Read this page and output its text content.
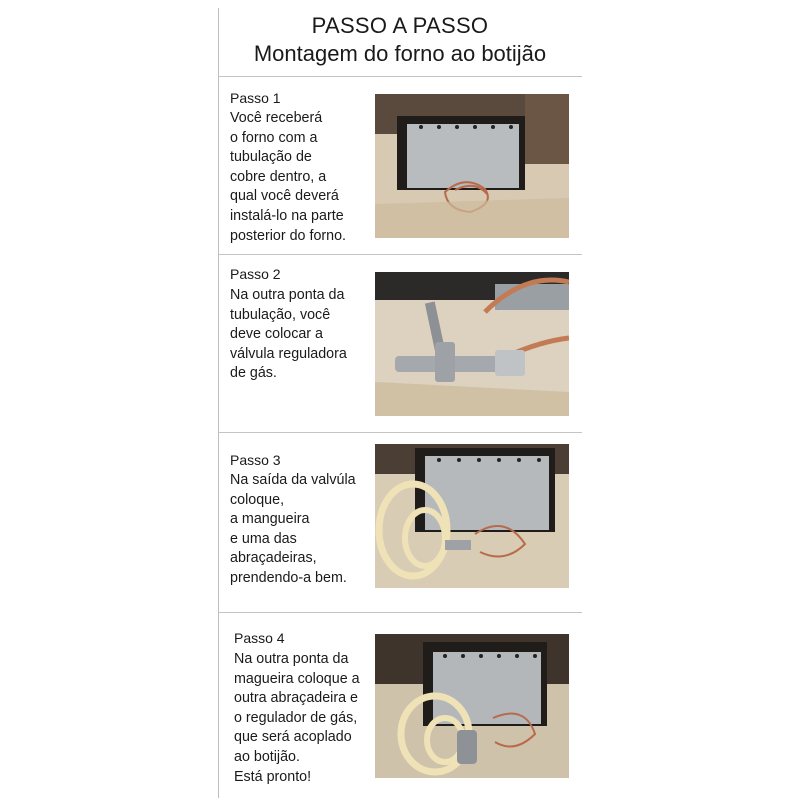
PASSO A PASSO
Montagem do forno ao botijão
Passo 1
Você receberá
o forno com a
tubulação de
cobre dentro, a
qual você deverá
instalá-lo na parte
posterior do forno.
Passo 2
Na outra ponta da
tubulação, você
deve colocar a
válvula reguladora
de gás.
Passo 3
Na saída da valvúla
coloque,
a mangueira
e uma das
abraçadeiras,
prendendo-a bem.
Passo 4
Na outra ponta da
magueira coloque a
outra abraçadeira e
o regulador de gás,
que será acoplado
ao botijão.
Está pronto!
